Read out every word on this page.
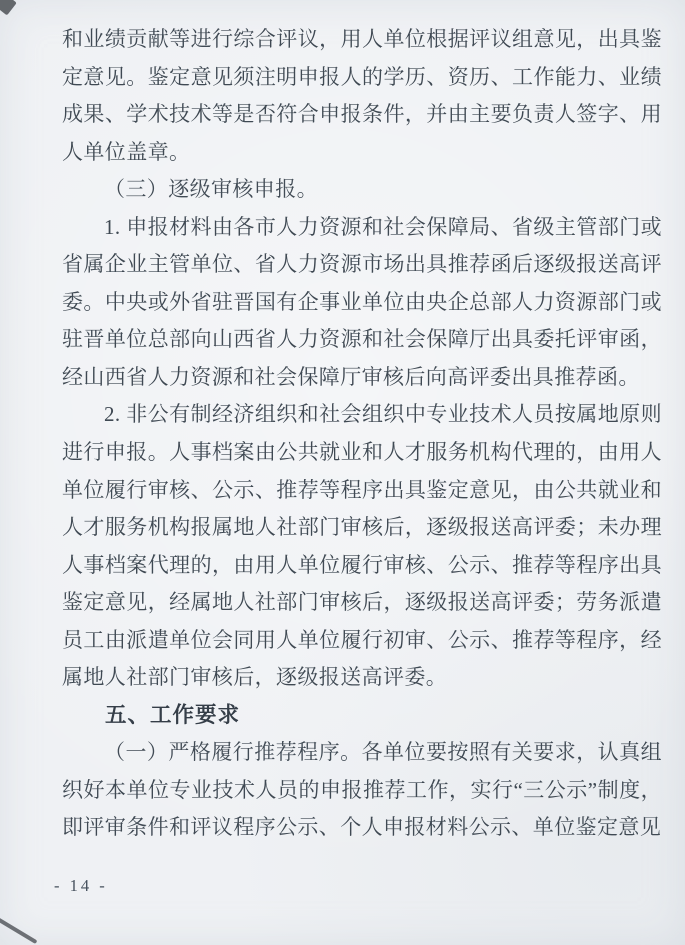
和业绩贡献等进行综合评议，用人单位根据评议组意见，出具鉴定意见。鉴定意见须注明申报人的学历、资历、工作能力、业绩成果、学术技术等是否符合申报条件，并由主要负责人签字、用人单位盖章。

（三）逐级审核申报。

1. 申报材料由各市人力资源和社会保障局、省级主管部门或省属企业主管单位、省人力资源市场出具推荐函后逐级报送高评委。中央或外省驻晋国有企事业单位由央企总部人力资源部门或驻晋单位总部向山西省人力资源和社会保障厅出具委托评审函，经山西省人力资源和社会保障厅审核后向高评委出具推荐函。

2. 非公有制经济组织和社会组织中专业技术人员按属地原则进行申报。人事档案由公共就业和人才服务机构代理的，由用人单位履行审核、公示、推荐等程序出具鉴定意见，由公共就业和人才服务机构报属地人社部门审核后，逐级报送高评委；未办理人事档案代理的，由用人单位履行审核、公示、推荐等程序出具鉴定意见，经属地人社部门审核后，逐级报送高评委；劳务派遣员工由派遣单位会同用人单位履行初审、公示、推荐等程序，经属地人社部门审核后，逐级报送高评委。

五、工作要求

（一）严格履行推荐程序。各单位要按照有关要求，认真组织好本单位专业技术人员的申报推荐工作，实行“三公示”制度，即评审条件和评议程序公示、个人申报材料公示、单位鉴定意见

- 14 -
